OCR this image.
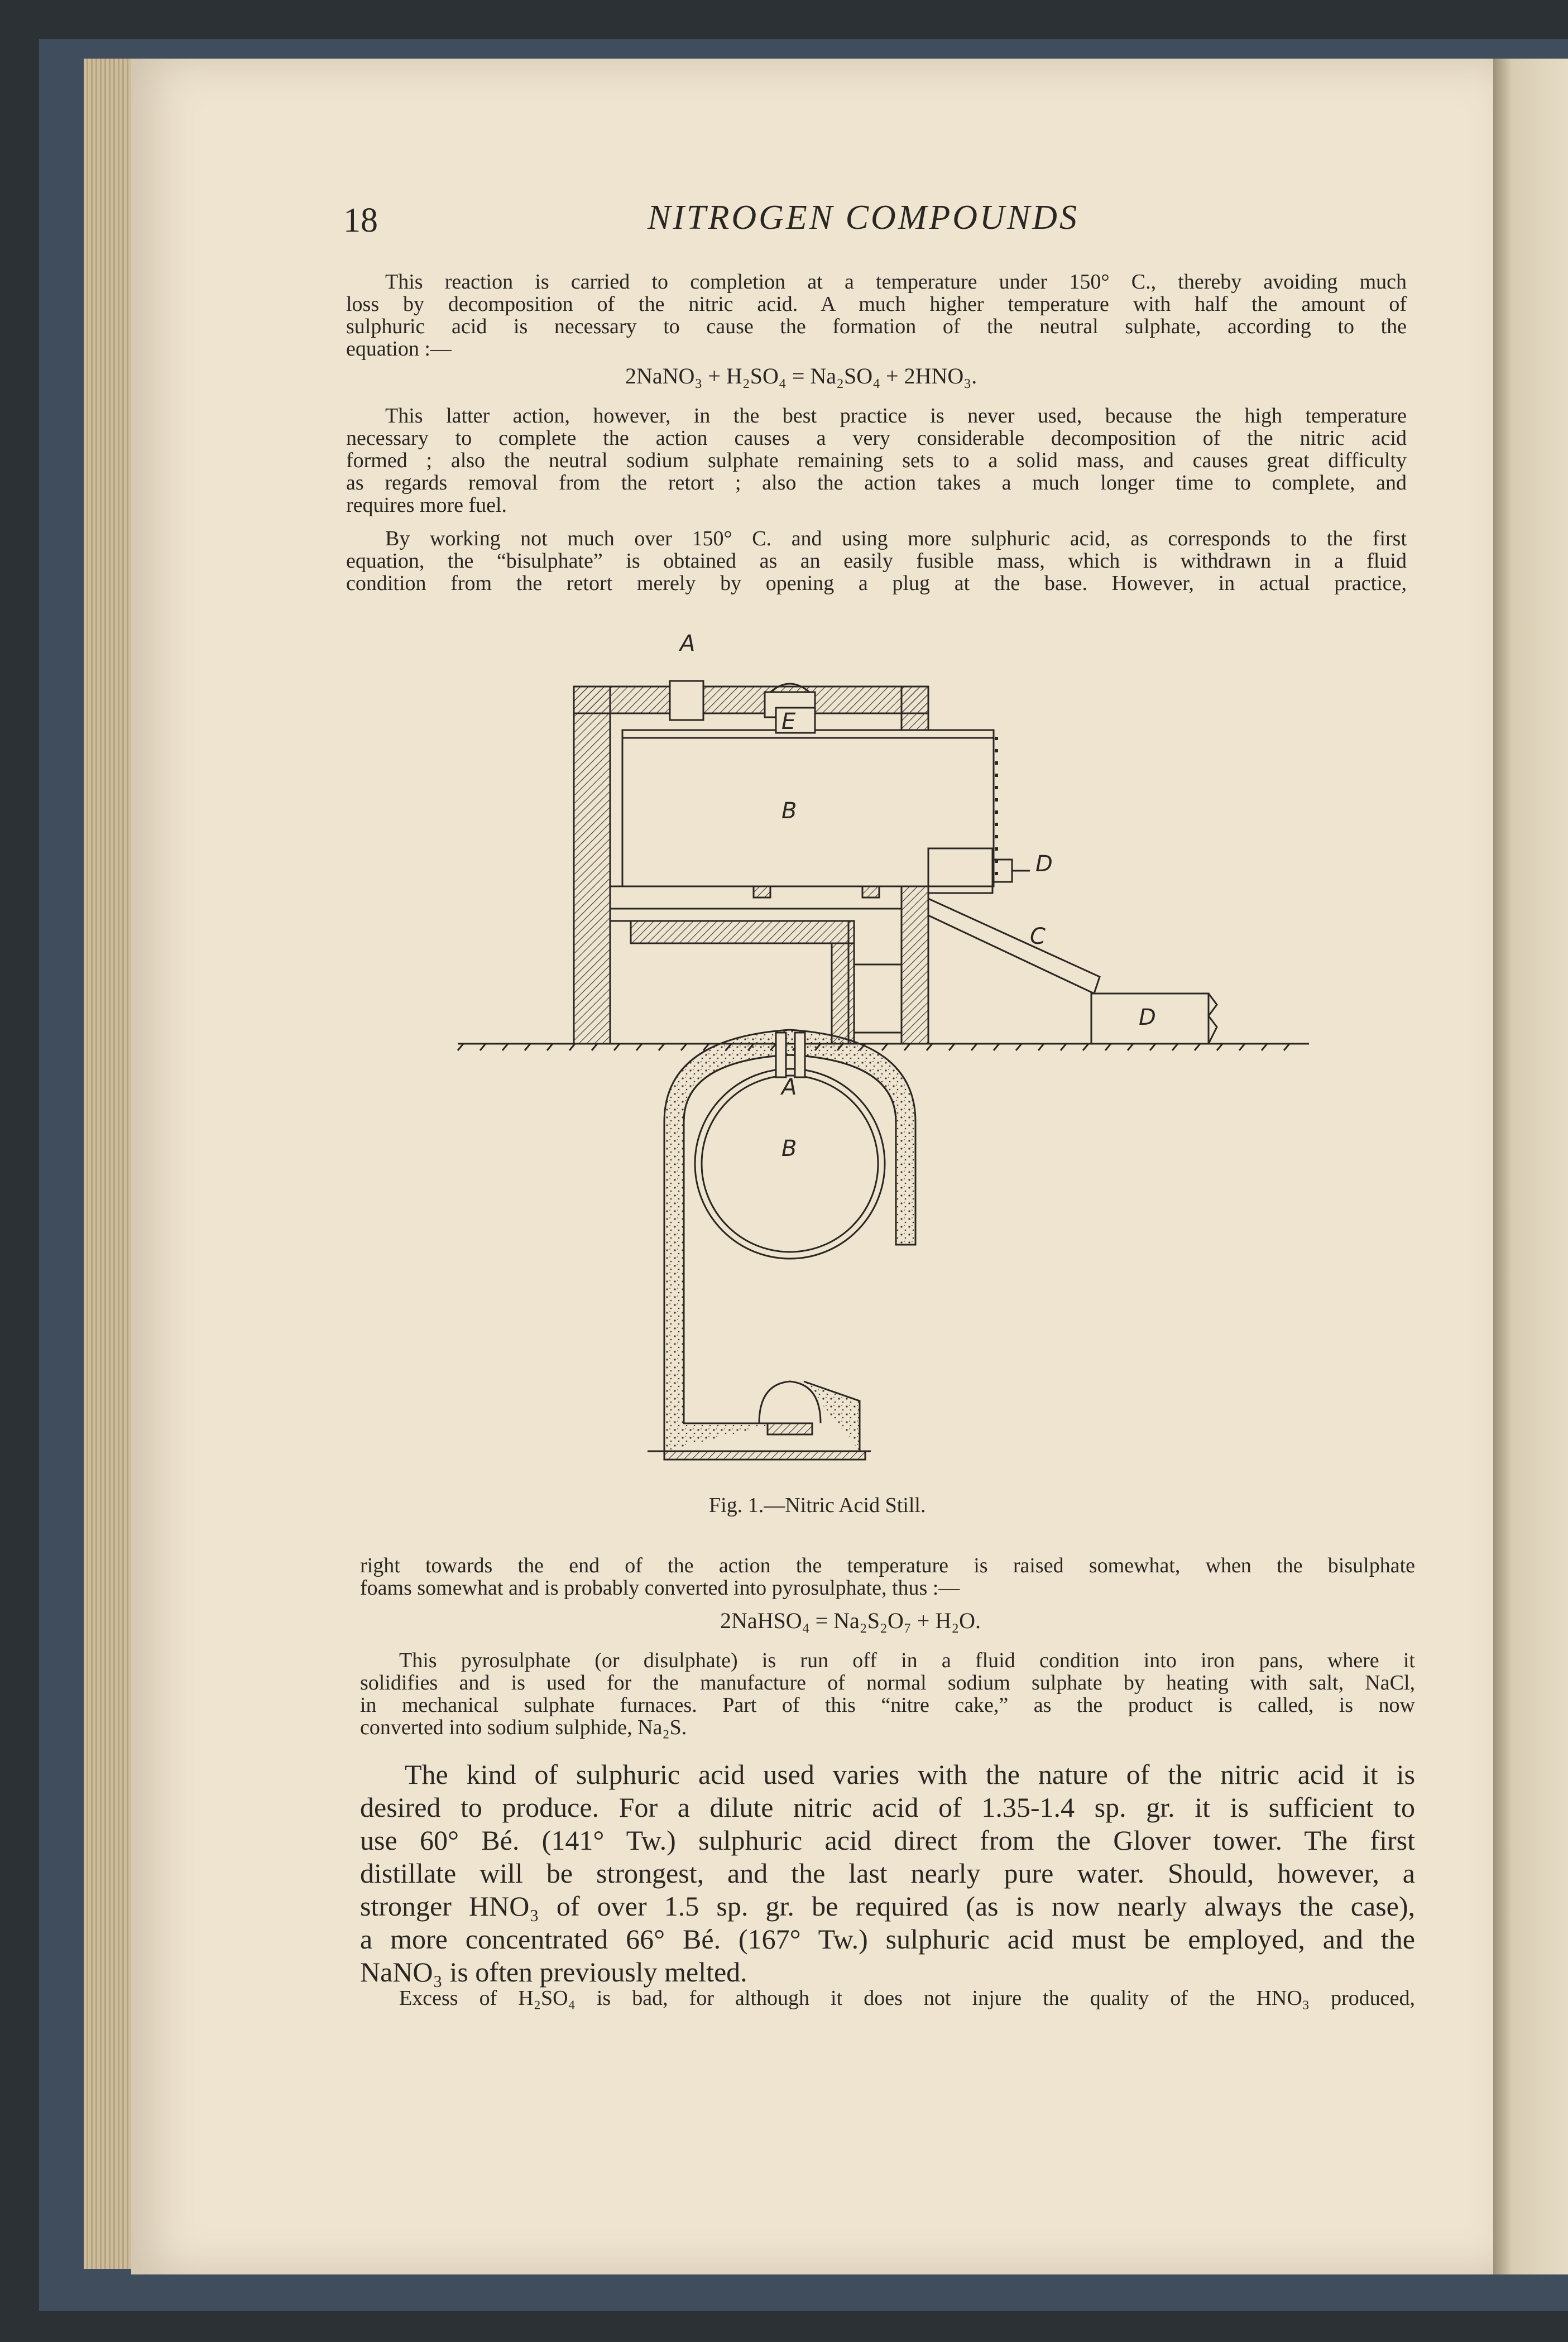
18	NITROGEN COMPOUNDS
This reaction is carried to completion at a temperature under 150° C., thereby avoiding much
loss by decomposition of the nitric acid. A much higher temperature with half the amount of
sulphuric acid is necessary to cause the formation of the neutral sulphate, according to the
equation :—
2NaNO₃ + H₂SO₄ = Na₂SO₄ + 2HNO₃.
This latter action, however, in the best practice is never used, because the high temperature
necessary to complete the action causes a very considerable decomposition of the nitric acid
formed ; also the neutral sodium sulphate remaining sets to a solid mass, and causes great difficulty
as regards removal from the retort ; also the action takes a much longer time to complete, and
requires more fuel.
By working not much over 150° C. and using more sulphuric acid, as corresponds to the first
equation, the “bisulphate” is obtained as an easily fusible mass, which is withdrawn in a fluid
condition from the retort merely by opening a plug at the base. However, in actual practice,
A
E
B
D
C
D
A
B
Fig. 1.—Nitric Acid Still.
right towards the end of the action the temperature is raised somewhat, when the bisulphate
foams somewhat and is probably converted into pyrosulphate, thus :—
2NaHSO₄ = Na₂S₂O₇ + H₂O.
This pyrosulphate (or disulphate) is run off in a fluid condition into iron pans, where it
solidifies and is used for the manufacture of normal sodium sulphate by heating with salt, NaCl,
in mechanical sulphate furnaces. Part of this “nitre cake,” as the product is called, is now
converted into sodium sulphide, Na₂S.
The kind of sulphuric acid used varies with the nature of the nitric acid it is
desired to produce. For a dilute nitric acid of 1.35-1.4 sp. gr. it is sufficient to
use 60° Bé. (141° Tw.) sulphuric acid direct from the Glover tower. The first
distillate will be strongest, and the last nearly pure water. Should, however, a
stronger HNO₃ of over 1.5 sp. gr. be required (as is now nearly always the case),
a more concentrated 66° Bé. (167° Tw.) sulphuric acid must be employed, and the
NaNO₃ is often previously melted.
Excess of H₂SO₄ is bad, for although it does not injure the quality of the HNO₃ produced,
